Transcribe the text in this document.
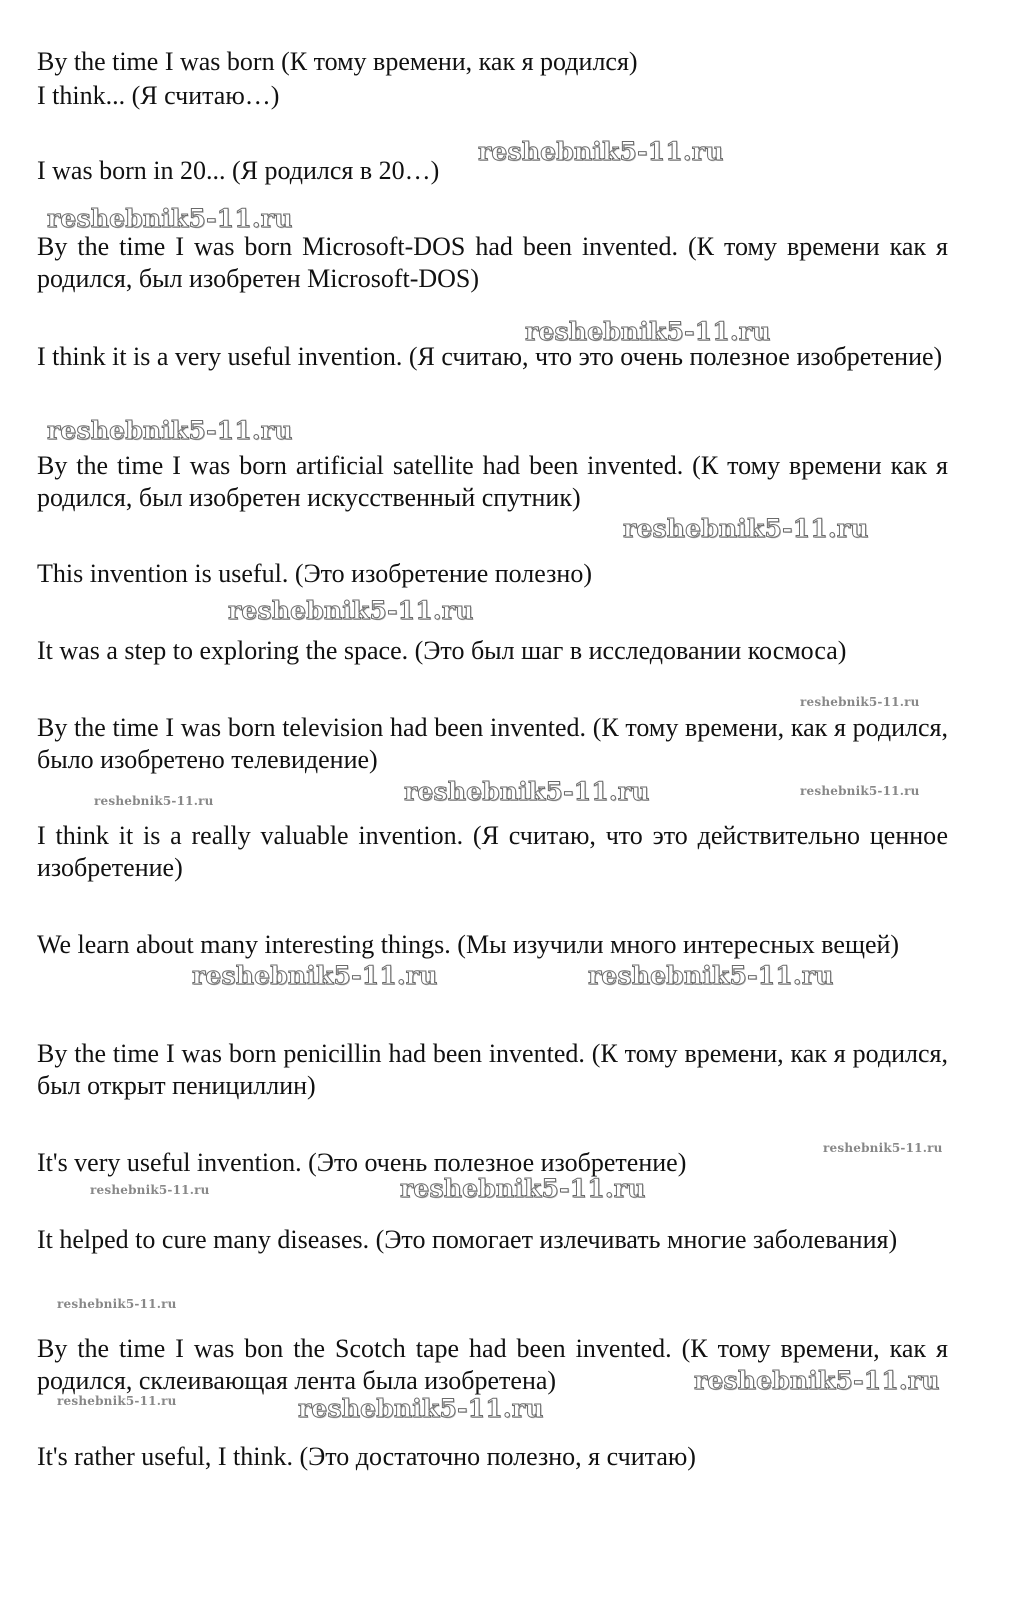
By the time I was born (К тому времени, как я родился)
I think... (Я считаю…)
I was born in 20... (Я родился в 20…)
By the time I was born Microsoft-DOS had been invented. (К тому времени как я родился, был изобретен Microsoft-DOS)
I think it is a very useful invention. (Я считаю, что это очень полезное изобретение)
By the time I was born artificial satellite had been invented. (К тому времени как я родился, был изобретен искусственный спутник)
This invention is useful. (Это изобретение полезно)
It was a step to exploring the space. (Это был шаг в исследовании космоса)
By the time I was born television had been invented. (К тому времени, как я родился, было изобретено телевидение)
I think it is a really valuable invention. (Я считаю, что это действительно ценное изобретение)
We learn about many interesting things. (Мы изучили много интересных вещей)
By the time I was born penicillin had been invented. (К тому времени, как я родился, был открыт пенициллин)
It's very useful invention. (Это очень полезное изобретение)
It helped to cure many diseases. (Это помогает излечивать многие заболевания)
By the time I was bon the Scotch tape had been invented. (К тому времени, как я родился, склеивающая лента была изобретена)
It's rather useful, I think. (Это достаточно полезно, я считаю)
reshebnik5-11.ru
reshebnik5-11.ru
reshebnik5-11.ru
reshebnik5-11.ru
reshebnik5-11.ru
reshebnik5-11.ru
reshebnik5-11.ru
reshebnik5-11.ru	reshebnik5-11.ru
reshebnik5-11.ru
reshebnik5-11.ru
reshebnik5-11.ru
reshebnik5-11.ru
reshebnik5-11.ru
reshebnik5-11.ru
reshebnik5-11.ru
reshebnik5-11.ru
reshebnik5-11.ru
reshebnik5-11.ru
